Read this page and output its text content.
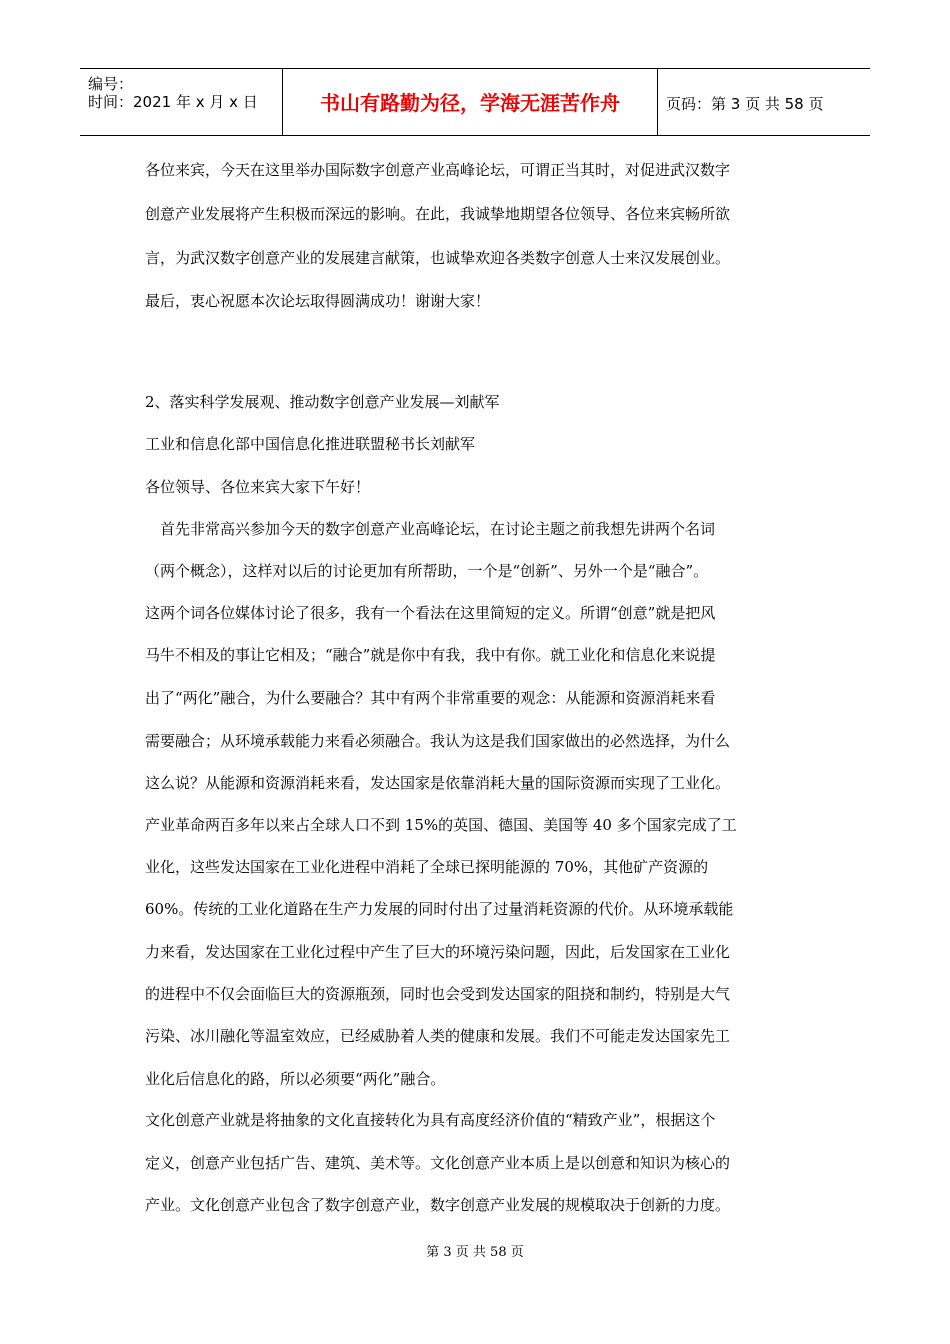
编号：
时间：2021 年 x 月 x 日	书山有路勤为径，学海无涯苦作舟	页码：第 3 页 共 58 页
各位来宾，今天在这里举办国际数字创意产业高峰论坛，可谓正当其时，对促进武汉数字
创意产业发展将产生积极而深远的影响。在此，我诚挚地期望各位领导、各位来宾畅所欲
言，为武汉数字创意产业的发展建言献策，也诚挚欢迎各类数字创意人士来汉发展创业。
最后，衷心祝愿本次论坛取得圆满成功！谢谢大家！
2、落实科学发展观、推动数字创意产业发展—刘献军
工业和信息化部中国信息化推进联盟秘书长刘献军
各位领导、各位来宾大家下午好！
　首先非常高兴参加今天的数字创意产业高峰论坛，在讨论主题之前我想先讲两个名词
（两个概念），这样对以后的讨论更加有所帮助，一个是“创新”、另外一个是“融合”。
这两个词各位媒体讨论了很多，我有一个看法在这里简短的定义。所谓“创意”就是把风
马牛不相及的事让它相及；“融合”就是你中有我，我中有你。就工业化和信息化来说提
出了“两化”融合，为什么要融合？其中有两个非常重要的观念：从能源和资源消耗来看
需要融合；从环境承载能力来看必须融合。我认为这是我们国家做出的必然选择，为什么
这么说？从能源和资源消耗来看，发达国家是依靠消耗大量的国际资源而实现了工业化。
产业革命两百多年以来占全球人口不到 15%的英国、德国、美国等 40 多个国家完成了工
业化，这些发达国家在工业化进程中消耗了全球已探明能源的 70%，其他矿产资源的
60%。传统的工业化道路在生产力发展的同时付出了过量消耗资源的代价。从环境承载能
力来看，发达国家在工业化过程中产生了巨大的环境污染问题，因此，后发国家在工业化
的进程中不仅会面临巨大的资源瓶颈，同时也会受到发达国家的阻挠和制约，特别是大气
污染、冰川融化等温室效应，已经威胁着人类的健康和发展。我们不可能走发达国家先工
业化后信息化的路，所以必须要“两化”融合。
文化创意产业就是将抽象的文化直接转化为具有高度经济价值的“精致产业”，根据这个
定义，创意产业包括广告、建筑、美术等。文化创意产业本质上是以创意和知识为核心的
产业。文化创意产业包含了数字创意产业，数字创意产业发展的规模取决于创新的力度。
第 3 页 共 58 页
